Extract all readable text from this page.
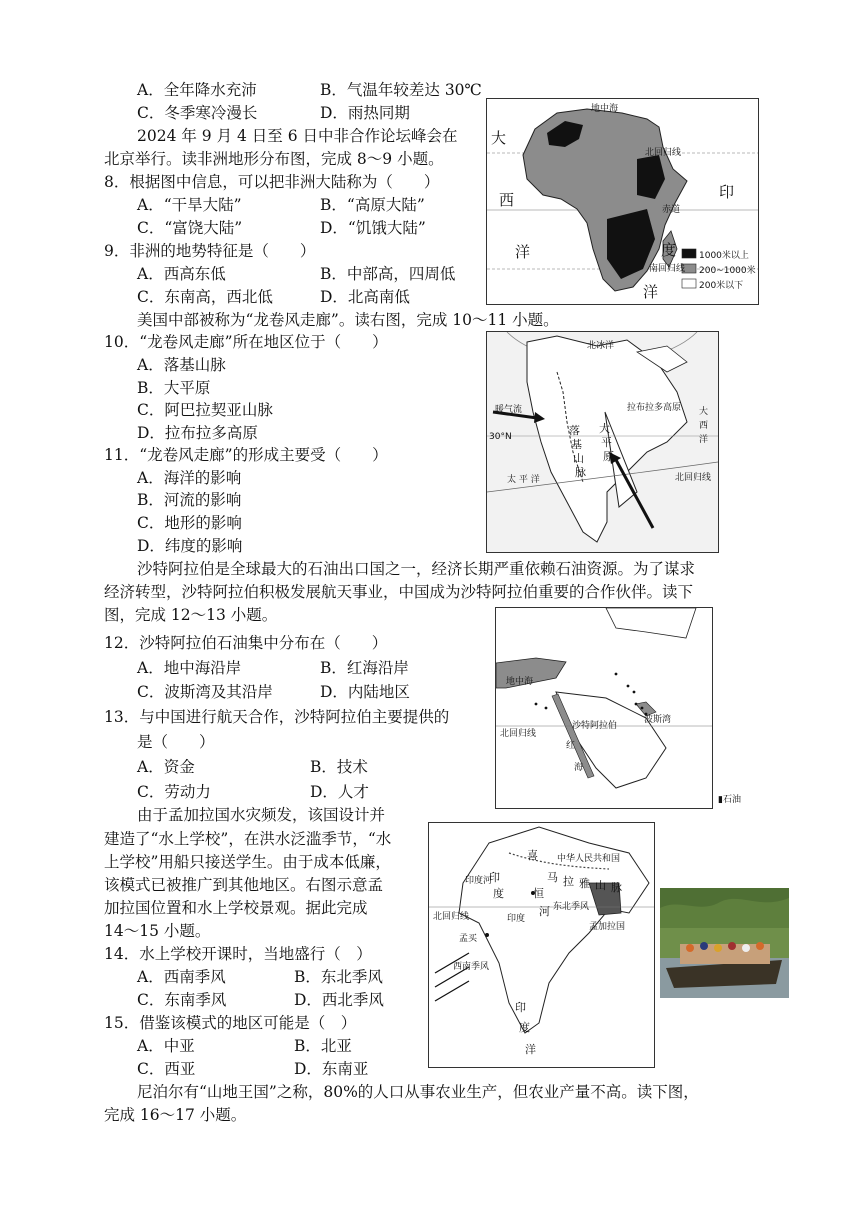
A．全年降水充沛	B．气温年较差达 30℃
C．冬季寒冷漫长	D．雨热同期
2024 年 9 月 4 日至 6 日中非合作论坛峰会在
北京举行。读非洲地形分布图，完成 8～9 小题。
8．根据图中信息，可以把非洲大陆称为（　　）
A．“干旱大陆”	B．“高原大陆”
C．“富饶大陆”	D．“饥饿大陆”
9．非洲的地势特征是（　　）
A．西高东低	B．中部高，四周低
C．东南高，西北低	D．北高南低
美国中部被称为“龙卷风走廊”。读右图，完成 10～11 小题。
10．“龙卷风走廊”所在地区位于（　　）
A．落基山脉
B．大平原
C．阿巴拉契亚山脉
D．拉布拉多高原
11．“龙卷风走廊”的形成主要受（　　）
A．海洋的影响
B．河流的影响
C．地形的影响
D．纬度的影响
沙特阿拉伯是全球最大的石油出口国之一，经济长期严重依赖石油资源。为了谋求
经济转型，沙特阿拉伯积极发展航天事业，中国成为沙特阿拉伯重要的合作伙伴。读下
图，完成 12～13 小题。
12．沙特阿拉伯石油集中分布在（　　）
A．地中海沿岸	B．红海沿岸
C．波斯湾及其沿岸	D．内陆地区
13．与中国进行航天合作，沙特阿拉伯主要提供的
是（　　）
A．资金	B．技术
C．劳动力	D．人才
由于孟加拉国水灾频发，该国设计并
建造了“水上学校”，在洪水泛滥季节，“水
上学校”用船只接送学生。由于成本低廉，
该模式已被推广到其他地区。右图示意孟
加拉国位置和水上学校景观。据此完成
14～15 小题。
14．水上学校开课时，当地盛行（　）
A．西南季风	B．东北季风
C．东南季风	D．西北季风
15．借鉴该模式的地区可能是（　）
A．中亚	B．北亚
C．西亚	D．东南亚
尼泊尔有“山地王国”之称，80%的人口从事农业生产，但农业产量不高。读下图，
完成 16～17 小题。
地中海
北回归线
赤道
南回归线
大
西
洋
印
度
洋
1000米以上
200~1000米
200米以下
北冰洋
暖气流
30°N	落
基
山
脉
大
平
原
拉布拉多高原 大
西
洋
太 平 洋	北回归线
地中海
沙特阿拉伯
波斯湾
北回归线
红
海
▮石油
喜
马 拉 雅 山 脉
中华人民共和国
印
度
印度
恒
河
印度河
孟加拉国
北回归线
孟买
西南季风
东北季风
印
度
洋
